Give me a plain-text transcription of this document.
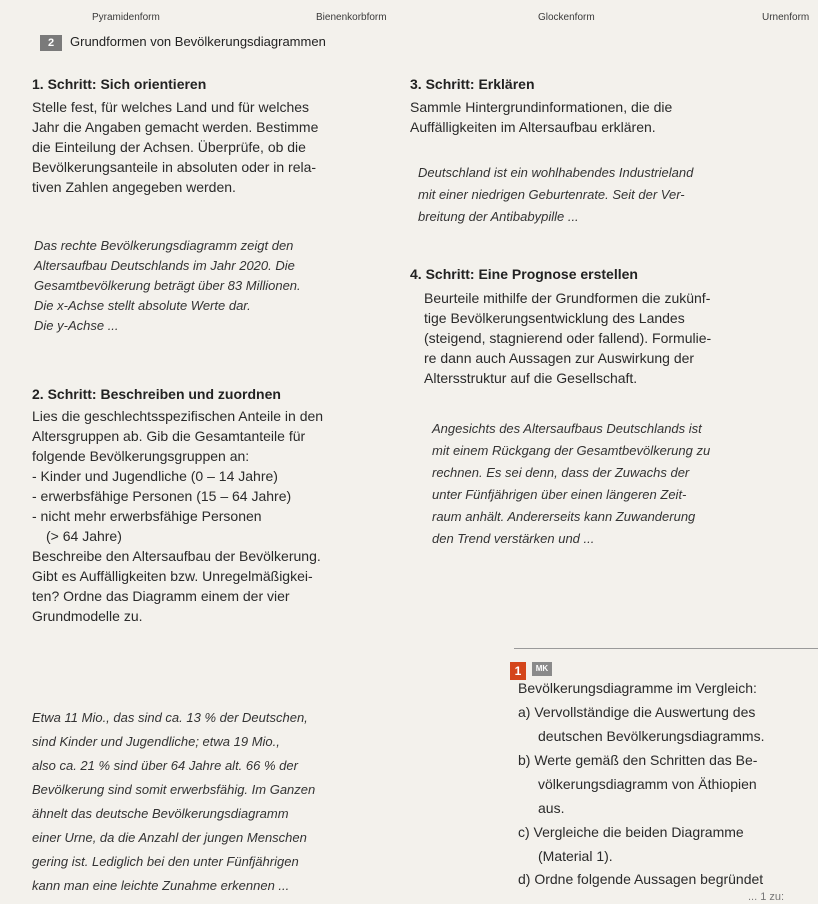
Pyramidenform	Bienenkorbform	Glockenform	Urnenform
2 Grundformen von Bevölkerungsdiagrammen
1. Schritt: Sich orientieren
Stelle fest, für welches Land und für welches
Jahr die Angaben gemacht werden. Bestimme
die Einteilung der Achsen. Überprüfe, ob die
Bevölkerungsanteile in absoluten oder in rela-
tiven Zahlen angegeben werden.
Das rechte Bevölkerungsdiagramm zeigt den
Altersaufbau Deutschlands im Jahr 2020. Die
Gesamtbevölkerung beträgt über 83 Millionen.
Die x-Achse stellt absolute Werte dar.
Die y-Achse ...
2. Schritt: Beschreiben und zuordnen
Lies die geschlechtsspezifischen Anteile in den
Altersgruppen ab. Gib die Gesamtanteile für
folgende Bevölkerungsgruppen an:
- Kinder und Jugendliche (0 – 14 Jahre)
- erwerbsfähige Personen (15 – 64 Jahre)
- nicht mehr erwerbsfähige Personen
(> 64 Jahre)
Beschreibe den Altersaufbau der Bevölkerung.
Gibt es Auffälligkeiten bzw. Unregelmäßigkei-
ten? Ordne das Diagramm einem der vier
Grundmodelle zu.
Etwa 11 Mio., das sind ca. 13 % der Deutschen,
sind Kinder und Jugendliche; etwa 19 Mio.,
also ca. 21 % sind über 64 Jahre alt. 66 % der
Bevölkerung sind somit erwerbsfähig. Im Ganzen
ähnelt das deutsche Bevölkerungsdiagramm
einer Urne, da die Anzahl der jungen Menschen
gering ist. Lediglich bei den unter Fünfjährigen
kann man eine leichte Zunahme erkennen ...
3. Schritt: Erklären
Sammle Hintergrundinformationen, die die
Auffälligkeiten im Altersaufbau erklären.
Deutschland ist ein wohlhabendes Industrieland
mit einer niedrigen Geburtenrate. Seit der Ver-
breitung der Antibabypille ...
4. Schritt: Eine Prognose erstellen
Beurteile mithilfe der Grundformen die zukünf-
tige Bevölkerungsentwicklung des Landes
(steigend, stagnierend oder fallend). Formulie-
re dann auch Aussagen zur Auswirkung der
Altersstruktur auf die Gesellschaft.
Angesichts des Altersaufbaus Deutschlands ist
mit einem Rückgang der Gesamtbevölkerung zu
rechnen. Es sei denn, dass der Zuwachs der
unter Fünfjährigen über einen längeren Zeit-
raum anhält. Andererseits kann Zuwanderung
den Trend verstärken und ...
1	MK
Bevölkerungsdiagramme im Vergleich:
a) Vervollständige die Auswertung des
deutschen Bevölkerungsdiagramms.
b) Werte gemäß den Schritten das Be-
völkerungsdiagramm von Äthiopien
aus.
c) Vergleiche die beiden Diagramme
(Material 1).
d) Ordne folgende Aussagen begründet
... 1 zu:
